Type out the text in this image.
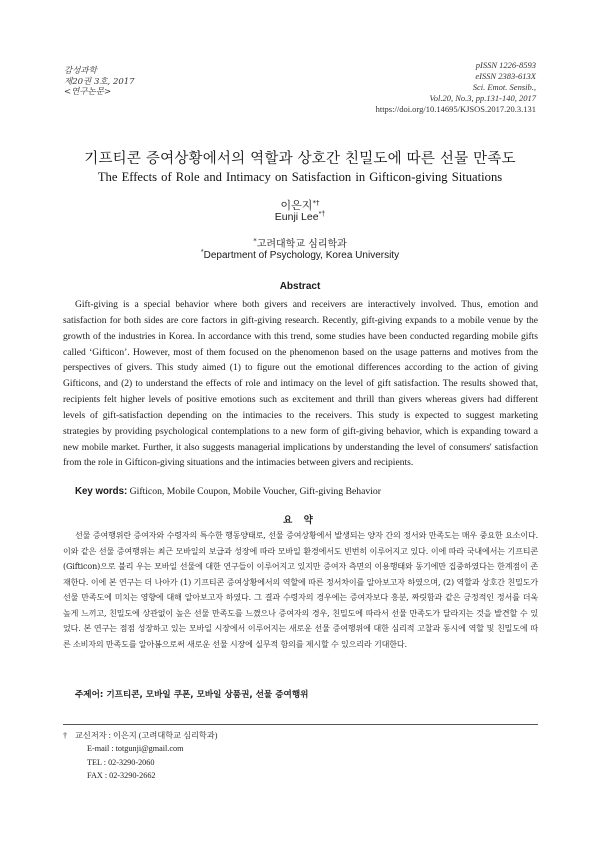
감성과학
제20권 3호, 2017
<연구논문>
pISSN 1226-8593
eISSN 2383-613X
Sci. Emot. Sensib.,
Vol.20, No.3, pp.131-140, 2017
https://doi.org/10.14695/KJSOS.2017.20.3.131
기프티콘 증여상황에서의 역할과 상호간 친밀도에 따른 선물 만족도
The Effects of Role and Intimacy on Satisfaction in Gifticon-giving Situations
이은지*†
Eunji Lee*†
*고려대학교 심리학과
*Department of Psychology, Korea University
Abstract

Gift-giving is a special behavior where both givers and receivers are interactively involved. Thus, emotion and satisfaction for both sides are core factors in gift-giving research. Recently, gift-giving expands to a mobile venue by the growth of the industries in Korea. In accordance with this trend, some studies have been conducted regarding mobile gifts called ‘Gifticon’. However, most of them focused on the phenomenon based on the usage patterns and motives from the perspectives of givers. This study aimed (1) to figure out the emotional differences according to the action of giving Gifticons, and (2) to understand the effects of role and intimacy on the level of gift satisfaction. The results showed that, recipients felt higher levels of positive emotions such as excitement and thrill than givers whereas givers had different levels of gift-satisfaction depending on the intimacies to the receivers. This study is expected to suggest marketing strategies by providing psychological contemplations to a new form of gift-giving behavior, which is expanding toward a new mobile market. Further, it also suggests managerial implications by understanding the level of consumers' satisfaction from the role in Gifticon-giving situations and the intimacies between givers and recipients.

Key words: Gifticon, Mobile Coupon, Mobile Voucher, Gift-giving Behavior
요 약

선물 증여행위란 증여자와 수령자의 특수한 행동양태로, 선물 증여상황에서 발생되는 양자 간의 정서와 만족도는 매우 중요한 요소이다. 이와 같은 선물 증여행위는 최근 모바일의 보급과 성장에 따라 모바일 환경에서도 빈번히 이루어지고 있다. 이에 따라 국내에서는 기프티콘 (Gifticon)으로 불리 우는 모바일 선물에 대한 연구들이 이루어지고 있지만 증여자 측면의 이용행태와 동기에만 집중하였다는 한계점이 존재한다. 이에 본 연구는 더 나아가 (1) 기프티콘 증여상황에서의 역할에 따른 정서차이를 알아보고자 하였으며, (2) 역할과 상호간 친밀도가 선물 만족도에 미치는 영향에 대해 알아보고자 하였다. 그 결과 수령자의 경우에는 증여자보다 흥분, 짜릿함과 같은 긍정적인 정서를 더욱 높게 느끼고, 친밀도에 상관없이 높은 선물 만족도를 느꼈으나 증여자의 경우, 친밀도에 따라서 선물 만족도가 달라지는 것을 발견할 수 있었다. 본 연구는 점점 성장하고 있는 모바일 시장에서 이루어지는 새로운 선물 증여행위에 대한 심리적 고찰과 동시에 역할 및 친밀도에 따른 소비자의 만족도를 알아봄으로써 새로운 선물 시장에 실무적 함의를 제시할 수 있으리라 기대한다.

주제어: 기프티콘, 모바일 쿠폰, 모바일 상품권, 선물 증여행위
† 교신저자 : 이은지 (고려대학교 심리학과)
E-mail : totgunji@gmail.com
TEL : 02-3290-2060
FAX : 02-3290-2662
